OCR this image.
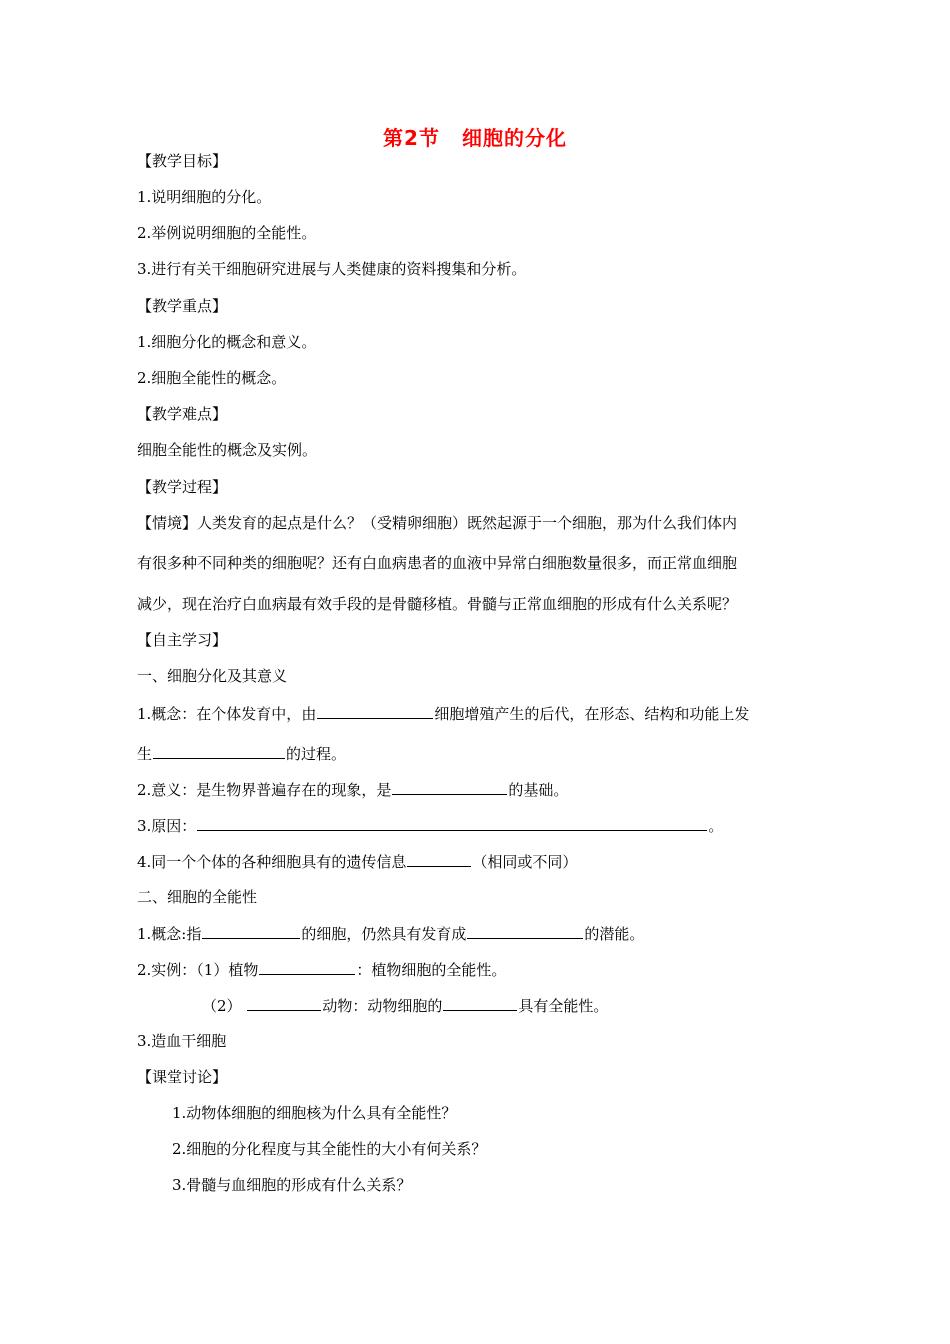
第2节 细胞的分化
【教学目标】
1.说明细胞的分化。
2.举例说明细胞的全能性。
3.进行有关干细胞研究进展与人类健康的资料搜集和分析。
【教学重点】
1.细胞分化的概念和意义。
2.细胞全能性的概念。
【教学难点】
细胞全能性的概念及实例。
【教学过程】
【情境】人类发育的起点是什么？（受精卵细胞）既然起源于一个细胞，那为什么我们体内
有很多种不同种类的细胞呢？还有白血病患者的血液中异常白细胞数量很多，而正常血细胞
减少，现在治疗白血病最有效手段的是骨髓移植。骨髓与正常血细胞的形成有什么关系呢？
【自主学习】
一、细胞分化及其意义
1.概念：在个体发育中，由	细胞增殖产生的后代，在形态、结构和功能上发
生	的过程。
2.意义：是生物界普遍存在的现象，是	的基础。
3.原因：	。
4.同一个个体的各种细胞具有的遗传信息	（相同或不同）
二、细胞的全能性
1.概念:指	的细胞，仍然具有发育成	的潜能。
2.实例：（1）植物	：植物细胞的全能性。
（2）	动物：动物细胞的	具有全能性。
3.造血干细胞
【课堂讨论】
1.动物体细胞的细胞核为什么具有全能性？
2.细胞的分化程度与其全能性的大小有何关系？
3.骨髓与血细胞的形成有什么关系？
